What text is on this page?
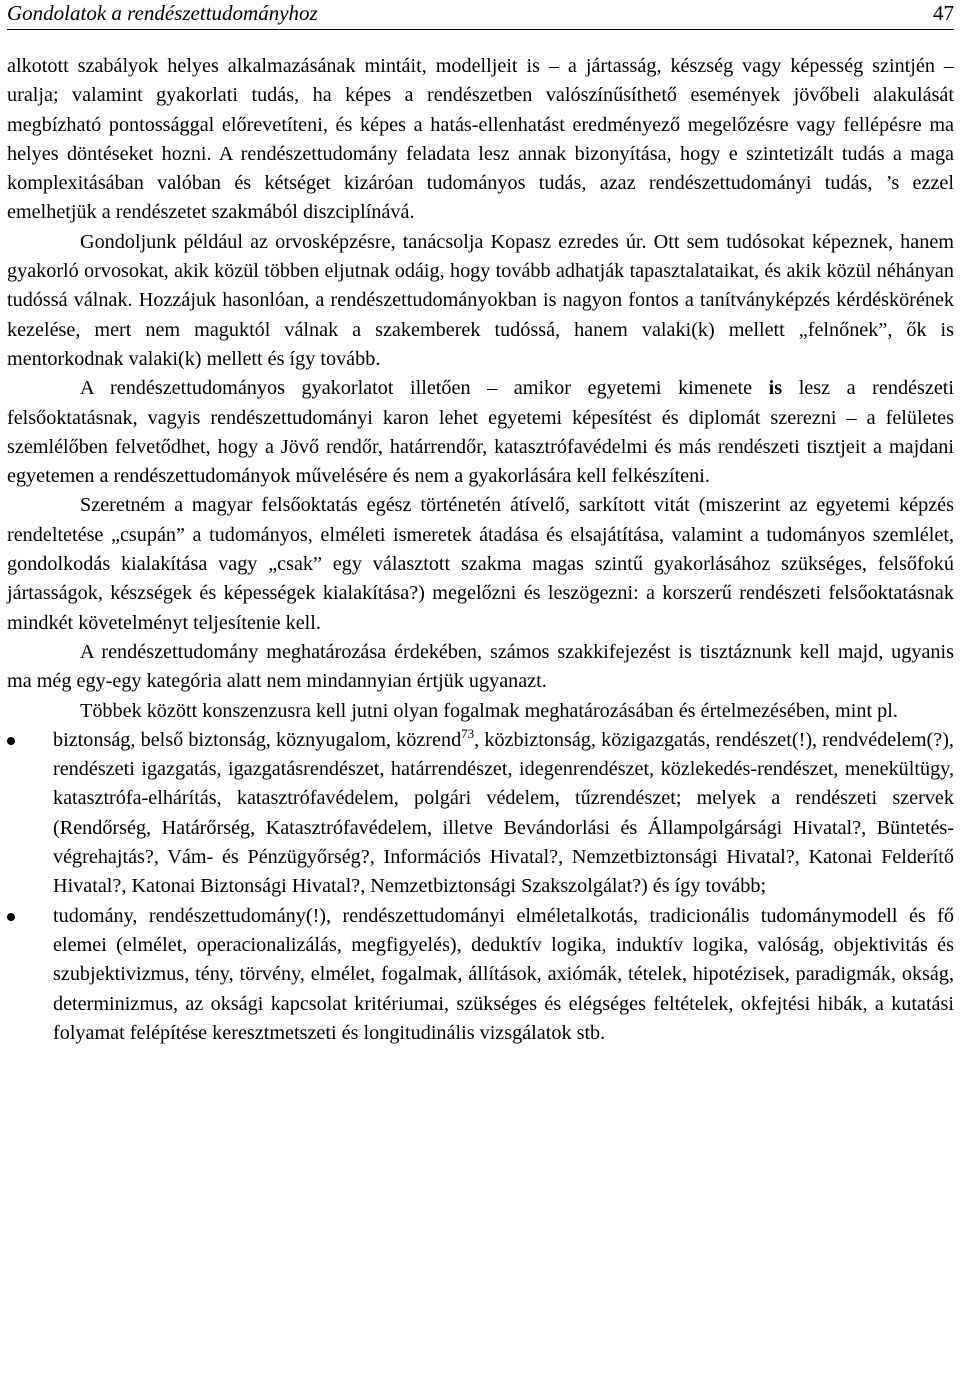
Gondolatok a rendészettudományhoz	47

alkotott szabályok helyes alkalmazásának mintáit, modelljeit is – a jártasság, készség vagy képesség szintjén – uralja; valamint gyakorlati tudás, ha képes a rendészetben valószínűsíthető események jövőbeli alakulását megbízható pontossággal előrevetíteni, és képes a hatás-ellenhatást eredményező megelőzésre vagy fellépésre ma helyes döntéseket hozni. A rendészettudomány feladata lesz annak bizonyítása, hogy e szintetizált tudás a maga komplexitásában valóban és kétséget kizáróan tudományos tudás, azaz rendészettudományi tudás, ’s ezzel emelhetjük a rendészetet szakmából diszciplínává.

Gondoljunk például az orvosképzésre, tanácsolja Kopasz ezredes úr. Ott sem tudósokat képeznek, hanem gyakorló orvosokat, akik közül többen eljutnak odáig, hogy tovább adhatják tapasztalataikat, és akik közül néhányan tudóssá válnak. Hozzájuk hasonlóan, a rendészettudományokban is nagyon fontos a tanítványképzés kérdéskörének kezelése, mert nem maguktól válnak a szakemberek tudóssá, hanem valaki(k) mellett „felnőnek”, ők is mentorkodnak valaki(k) mellett és így tovább.

A rendészettudományos gyakorlatot illetően – amikor egyetemi kimenete is lesz a rendészeti felsőoktatásnak, vagyis rendészettudományi karon lehet egyetemi képesítést és diplomát szerezni – a felületes szemlélőben felvetődhet, hogy a Jövő rendőr, határrendőr, katasztrófavédelmi és más rendészeti tisztjeit a majdani egyetemen a rendészettudományok művelésére és nem a gyakorlására kell felkészíteni.

Szeretném a magyar felsőoktatás egész történetén átívelő, sarkított vitát (miszerint az egyetemi képzés rendeltetése „csupán” a tudományos, elméleti ismeretek átadása és elsajátítása, valamint a tudományos szemlélet, gondolkodás kialakítása vagy „csak” egy választott szakma magas szintű gyakorlásához szükséges, felsőfokú jártasságok, készségek és képességek kialakítása?) megelőzni és leszögezni: a korszerű rendészeti felsőoktatásnak mindkét követelményt teljesítenie kell.

A rendészettudomány meghatározása érdekében, számos szakkifejezést is tisztáznunk kell majd, ugyanis ma még egy-egy kategória alatt nem mindannyian értjük ugyanazt.

Többek között konszenzusra kell jutni olyan fogalmak meghatározásában és értelmezésében, mint pl.

biztonság, belső biztonság, köznyugalom, közrend$^{73}$, közbiztonság, közigazgatás, rendészet(!), rendvédelem(?), rendészeti igazgatás, igazgatásrendészet, határrendészet, idegenrendészet, közlekedés-rendészet, menekültügy, katasztrófa-elhárítás, katasztrófavédelem, polgári védelem, tűzrendészet; melyek a rendészeti szervek (Rendőrség, Határőrség, Katasztrófavédelem, illetve Bevándorlási és Állampolgársági Hivatal?, Büntetés-végrehajtás?, Vám- és Pénzügyőrség?, Információs Hivatal?, Nemzetbiztonsági Hivatal?, Katonai Felderítő Hivatal?, Katonai Biztonsági Hivatal?, Nemzetbiztonsági Szakszolgálat?) és így tovább;
tudomány, rendészettudomány(!), rendészettudományi elméletalkotás, tradicionális tudománymodell és fő elemei (elmélet, operacionalizálás, megfigyelés), deduktív logika, induktív logika, valóság, objektivitás és szubjektivizmus, tény, törvény, elmélet, fogalmak, állítások, axiómák, tételek, hipotézisek, paradigmák, okság, determinizmus, az oksági kapcsolat kritériumai, szükséges és elégséges feltételek, okfejtési hibák, a kutatási folyamat felépítése keresztmetszeti és longitudinális vizsgálatok stb.
